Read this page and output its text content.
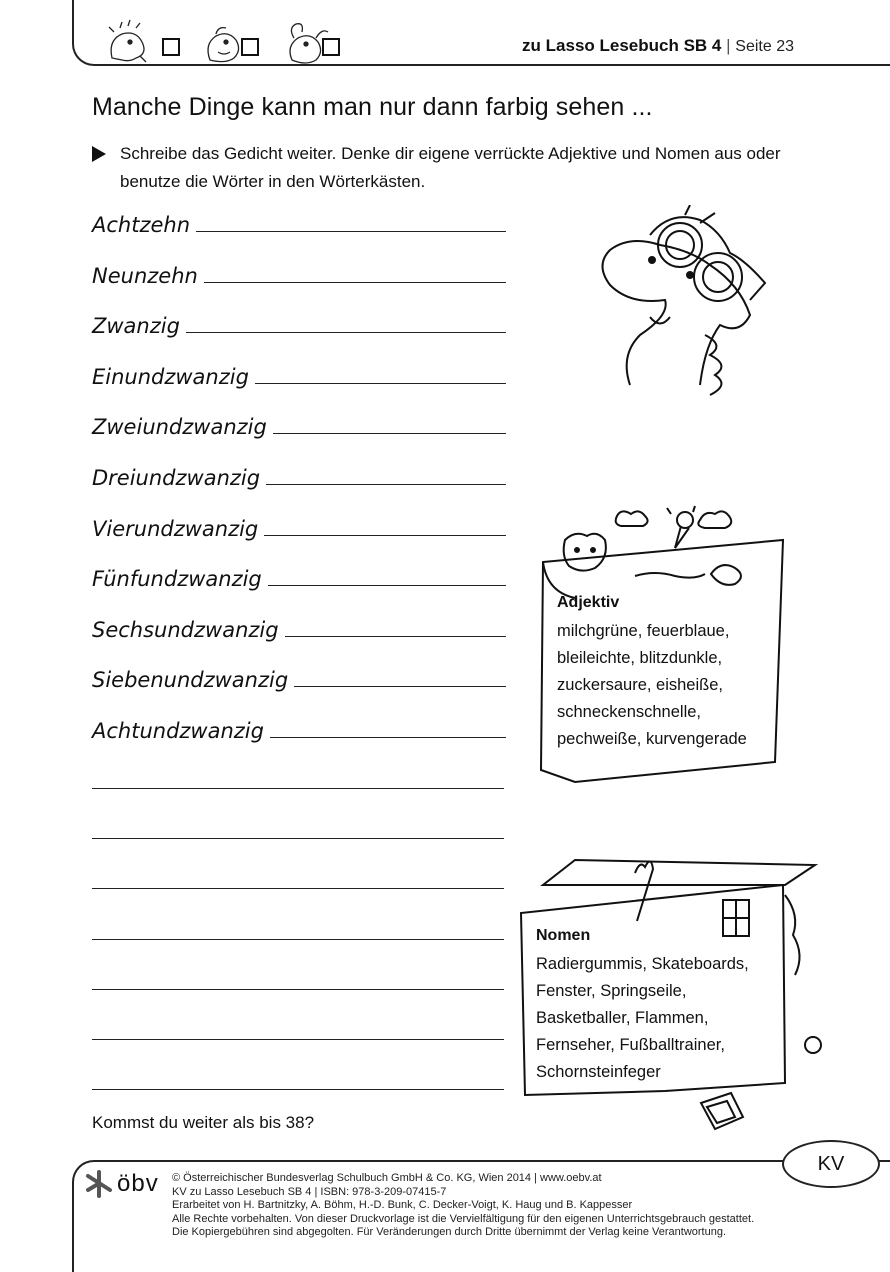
zu Lasso Lesebuch SB 4 | Seite 23
Manche Dinge kann man nur dann farbig sehen ...
Schreibe das Gedicht weiter. Denke dir eigene verrückte Adjektive und Nomen aus oder benutze die Wörter in den Wörterkästen.
Achtzehn
Neunzehn
Zwanzig
Einundzwanzig
Zweiundzwanzig
Dreiundzwanzig
Vierundzwanzig
Fünfundzwanzig
Sechsundzwanzig
Siebenundzwanzig
Achtundzwanzig
Adjektiv
milchgrüne, feuerblaue,
bleileichte, blitzdunkle,
zuckersaure, eisheiße,
schneckenschnelle,
pechweiße, kurvengerade
Nomen
Radiergummis, Skateboards,
Fenster, Springseile,
Basketballer, Flammen,
Fernseher, Fußballtrainer,
Schornsteinfeger
Kommst du weiter als bis 38?
KV
öbv © Österreichischer Bundesverlag Schulbuch GmbH & Co. KG, Wien 2014 | www.oebv.at
KV zu Lasso Lesebuch SB 4 | ISBN: 978-3-209-07415-7
Erarbeitet von H. Bartnitzky, A. Böhm, H.-D. Bunk, C. Decker-Voigt, K. Haug und B. Kappesser
Alle Rechte vorbehalten. Von dieser Druckvorlage ist die Vervielfältigung für den eigenen Unterrichtsgebrauch gestattet.
Die Kopiergebühren sind abgegolten. Für Veränderungen durch Dritte übernimmt der Verlag keine Verantwortung.
